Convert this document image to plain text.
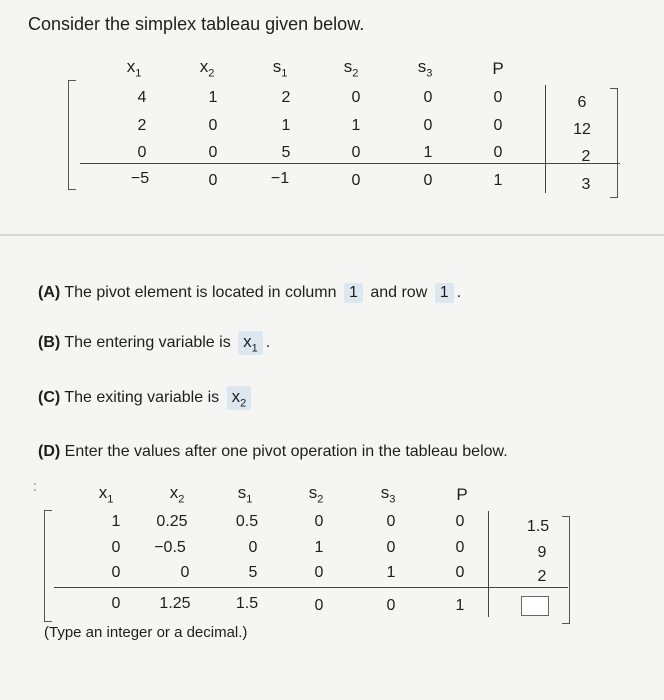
Consider the simplex tableau given below.
$x_1$	$x_2$	$s_1$	$s_2$	$s_3$	P
4	1	2	0	0	0	6
2	0	1	1	0	0	12
0	0	5	0	1	0	2
−5	0	−1	0	0	1	3
(A) The pivot element is located in column 1 and row 1 .
(B) The entering variable is $x_1$ .
(C) The exiting variable is $x_2$
(D) Enter the values after one pivot operation in the tableau below.
:	$x_1$	$x_2$	$s_1$	$s_2$	$s_3$	P
1	0.25	0.5	0	0	0	1.5
0	−0.5	0	1	0	0	9
0	0	5	0	1	0	2
0	1.25	1.5	0	0	1
(Type an integer or a decimal.)
